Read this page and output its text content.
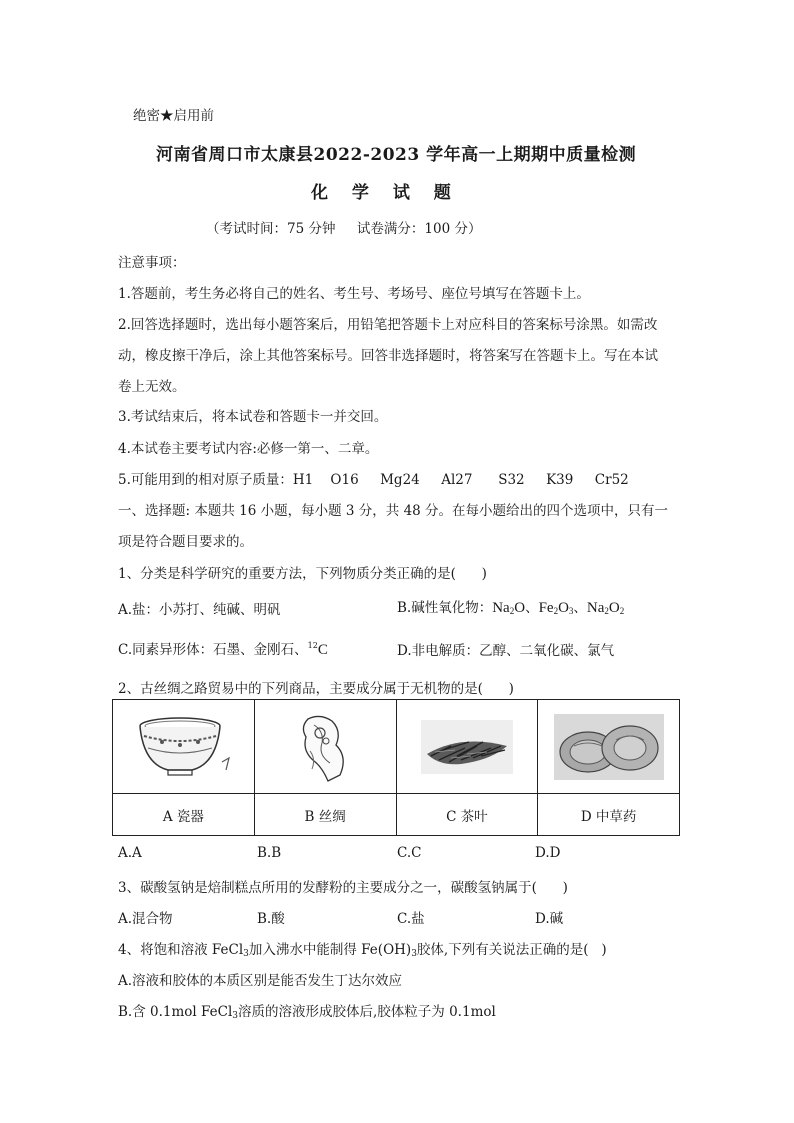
绝密★启用前
河南省周口市太康县2022-2023 学年高一上期期中质量检测
化 学 试 题
（考试时间：75 分钟     试卷满分：100 分）
注意事项：
1.答题前，考生务必将自己的姓名、考生号、考场号、座位号填写在答题卡上。
2.回答选择题时，选出每小题答案后，用铅笔把答题卡上对应科目的答案标号涂黑。如需改
动，橡皮擦干净后，涂上其他答案标号。回答非选择题时，将答案写在答题卡上。写在本试
卷上无效。
3.考试结束后，将本试卷和答题卡一并交回。
4.本试卷主要考试内容:必修一第一、二章。
5.可能用到的相对原子质量：H1    O16     Mg24     Al27      S32     K39     Cr52
一、选择题: 本题共 16 小题，每小题 3 分，共 48 分。在每小题给出的四个选项中，只有一
项是符合题目要求的。
1、分类是科学研究的重要方法，下列物质分类正确的是(      )
A.盐：小苏打、纯碱、明矾	B.碱性氧化物：$Na_2O$、$Fe_2O_3$、$Na_2O_2$
C.同素异形体：石墨、金刚石、$^{12}$C	D.非电解质：乙醇、二氧化碳、氯气
2、古丝绸之路贸易中的下列商品，主要成分属于无机物的是(      )

A 瓷器	B 丝绸	C 茶叶	D 中草药
A.A	B.B	C.C	D.D
3、碳酸氢钠是焙制糕点所用的发酵粉的主要成分之一，碳酸氢钠属于(      )
A.混合物	B.酸	C.盐	D.碱
4、将饱和溶液 FeCl$_3$加入沸水中能制得 $Fe(OH)_3$胶体,下列有关说法正确的是(   )
A.溶液和胶体的本质区别是能否发生丁达尔效应
B.含 0.1mol FeCl$_3$溶质的溶液形成胶体后,胶体粒子为 0.1mol
